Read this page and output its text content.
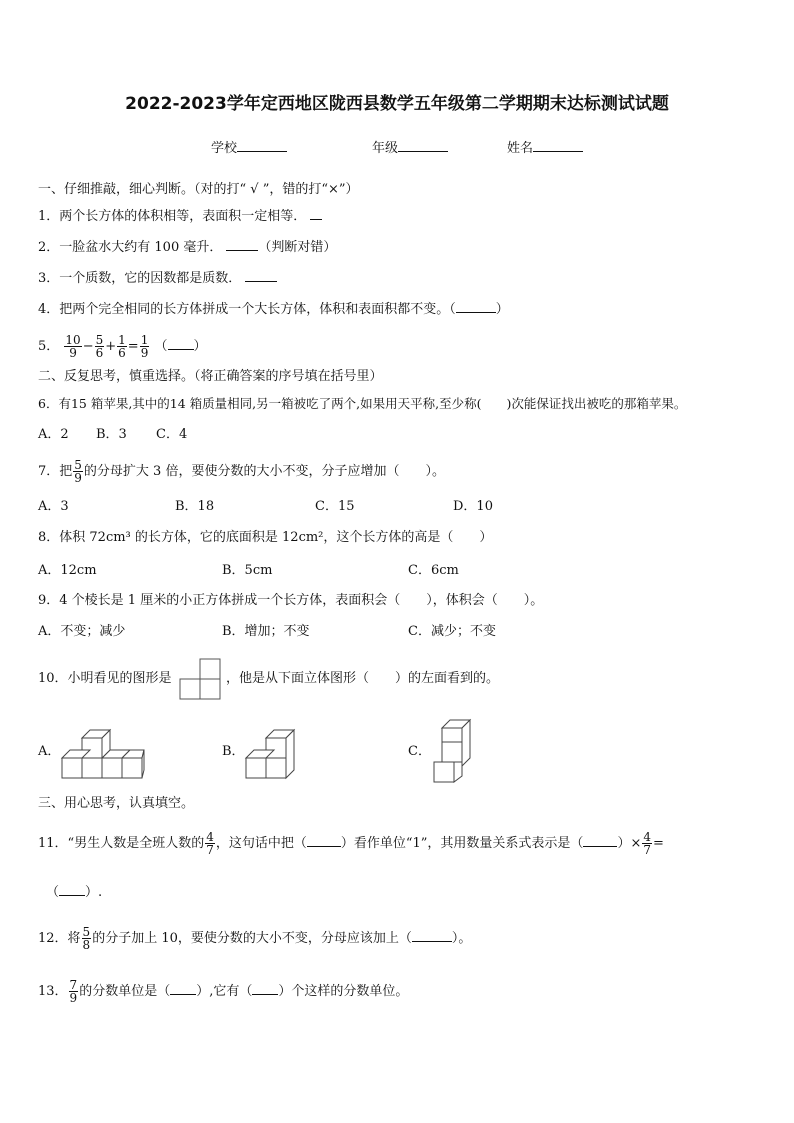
2022-2023学年定西地区陇西县数学五年级第二学期期末达标测试试题
学校	年级	姓名
一、仔细推敲，细心判断。（对的打“ √ ”，错的打“×”）
1．两个长方体的体积相等，表面积一定相等．
2．一脸盆水大约有 100 毫升．	（判断对错）
3．一个质数，它的因数都是质数．
4．把两个完全相同的长方体拼成一个大长方体，体积和表面积都不变。（	）
5． $\frac{10}{9} - \frac{5}{6} + \frac{1}{6} = \frac{1}{9}$ （ ）
二、反复思考，慎重选择。（将正确答案的序号填在括号里）
6．有15 箱苹果,其中的14 箱质量相同,另一箱被吃了两个,如果用天平称,至少称(　　)次能保证找出被吃的那箱苹果。
A．2 B．3 C．4
7．把 $\frac{5}{9}$ 的分母扩大 3 倍，要使分数的大小不变，分子应增加（　　）。
A．3	B．18	C．15	D．10
8．体积 72cm³ 的长方体，它的底面积是 12cm²，这个长方体的高是（　　）
A．12cm	B．5cm	C．6cm
9．4 个棱长是 1 厘米的小正方体拼成一个长方体，表面积会（　　），体积会（　　）。
A．不变；减少	B．增加；不变	C．减少；不变
10．小明看见的图形是	，他是从下面立体图形（　　）的左面看到的。
A．	B．	C．
三、用心思考，认真填空。
11．“男生人数是全班人数的 $\frac{4}{7}$ ，这句话中把（	）看作单位“1”，其用数量关系式表示是（	）× $\frac{4}{7}$ =
（ ）.
12．将 $\frac{5}{8}$ 的分子加上 10，要使分数的大小不变，分母应该加上（	）。
13． $\frac{7}{9}$ 的分数单位是（ ）,它有（ ）个这样的分数单位。
